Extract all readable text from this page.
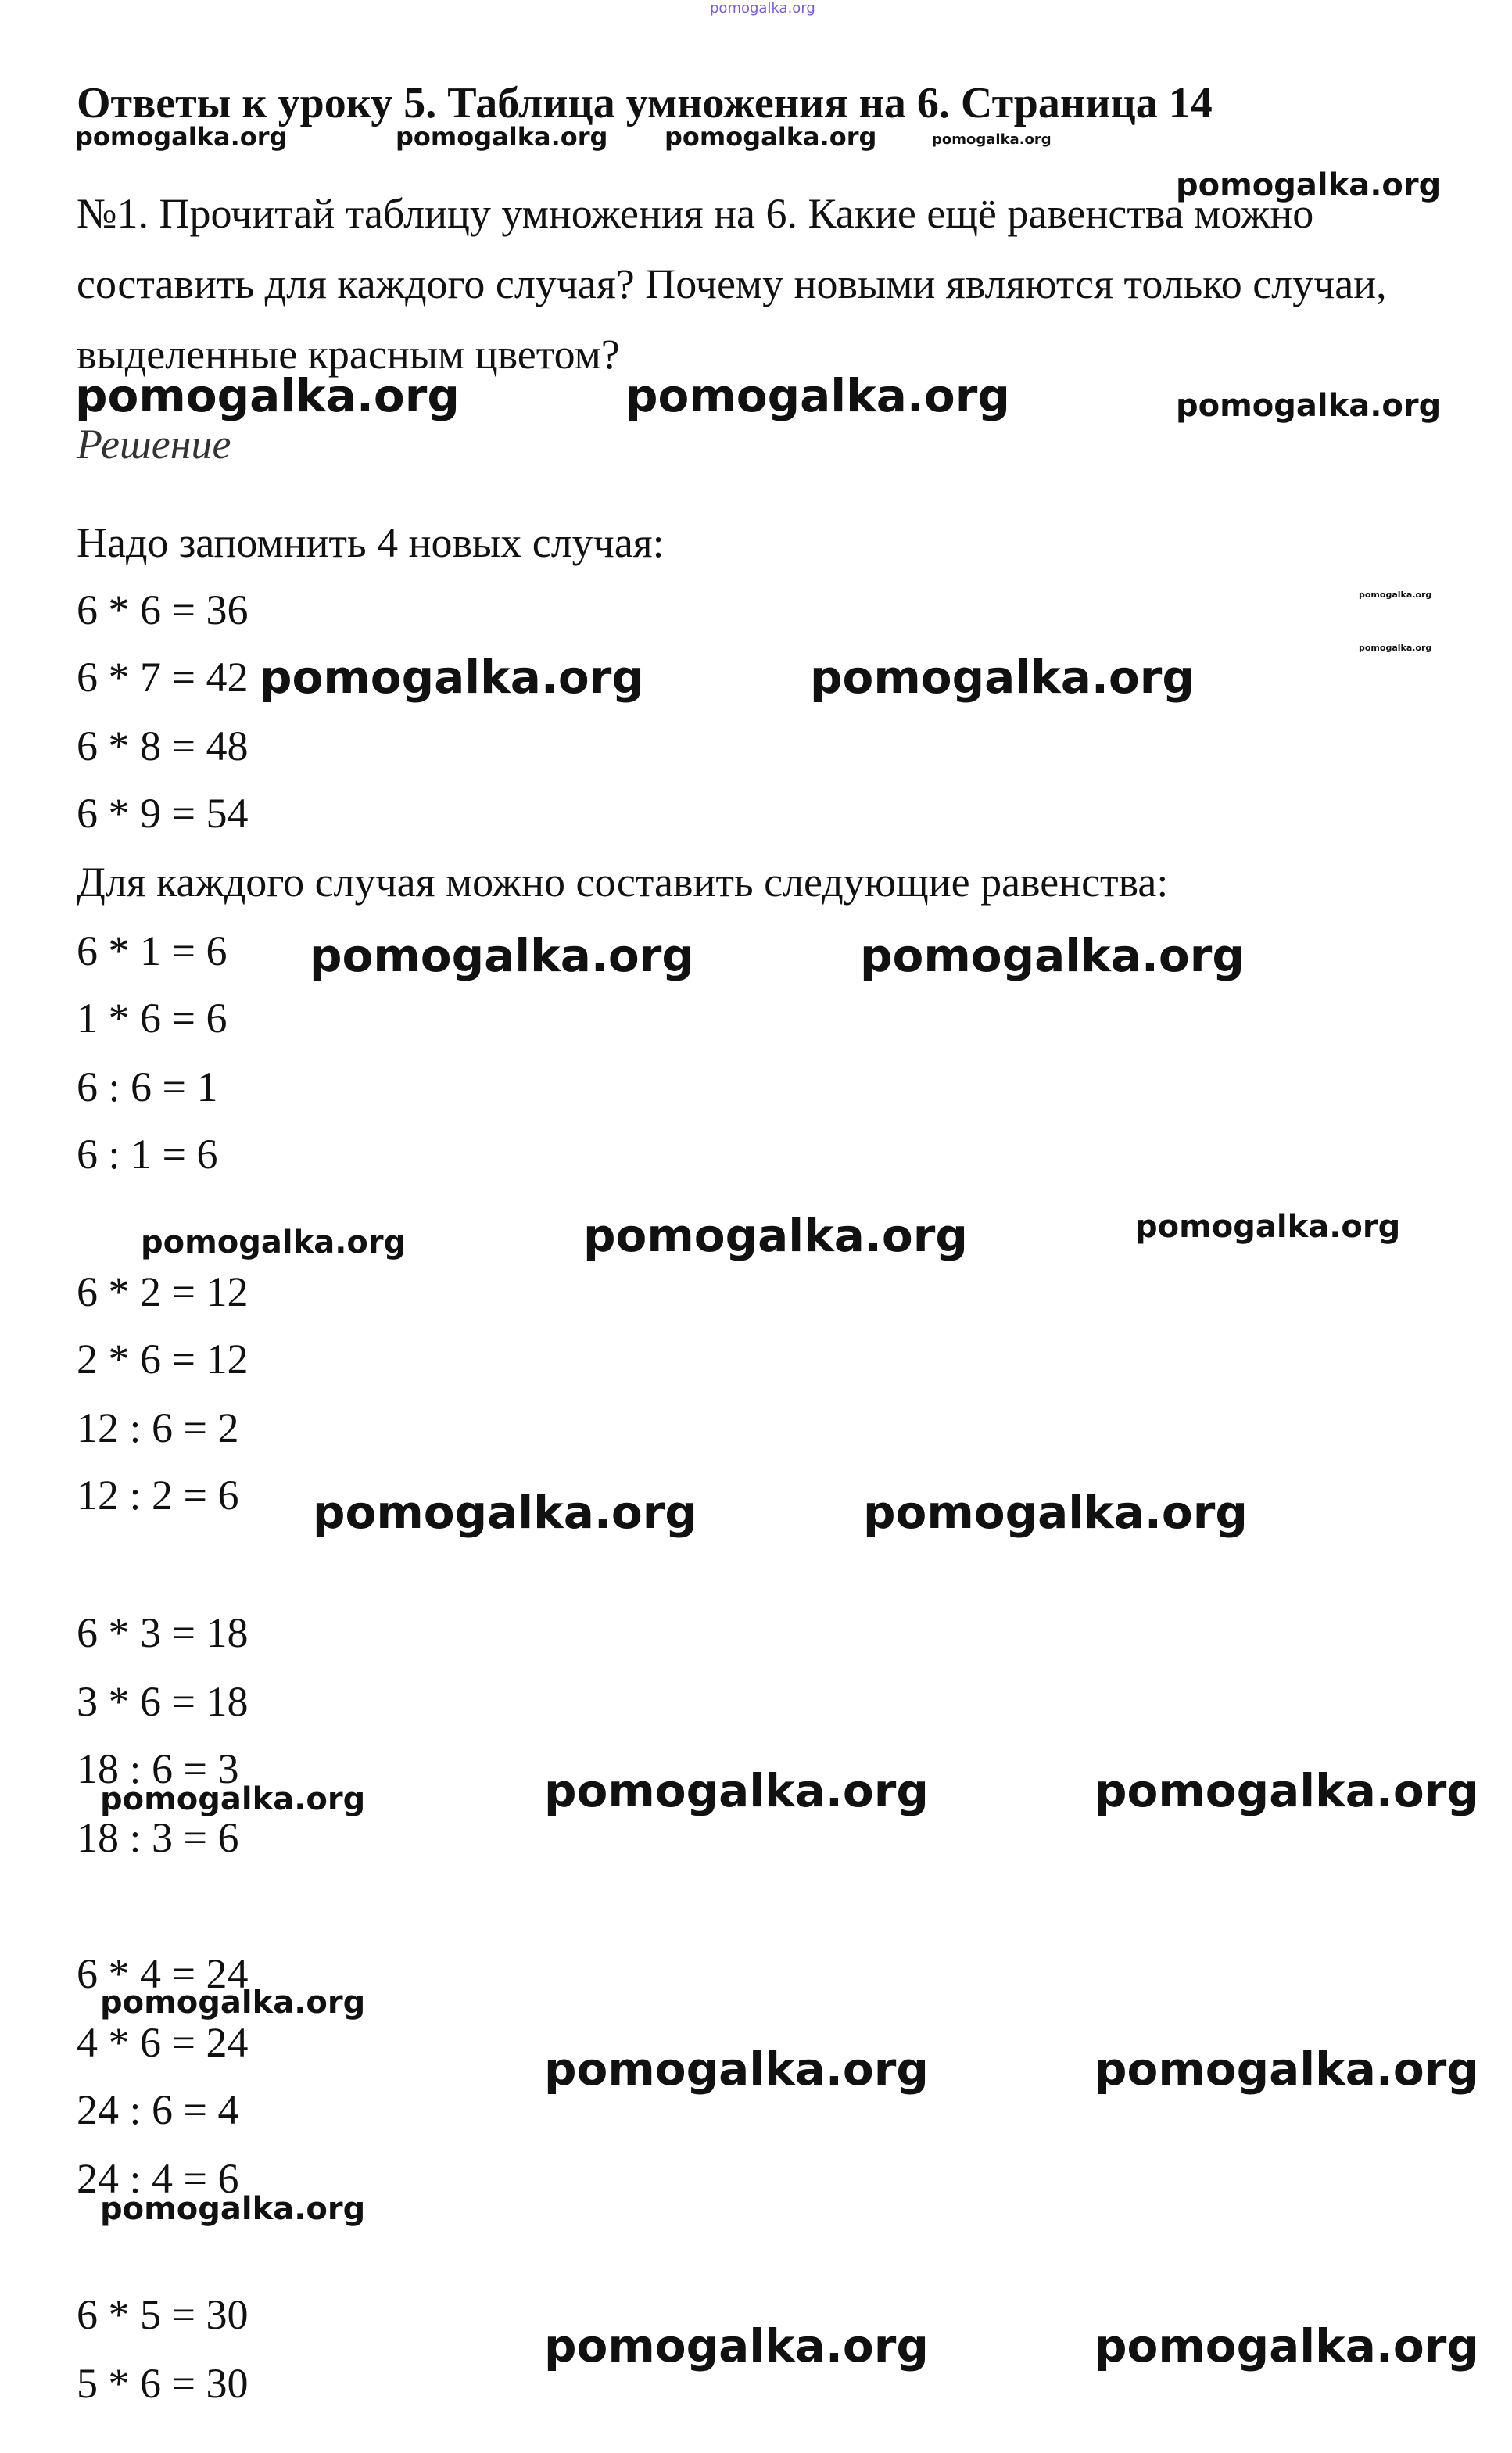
pomogalka.org
Ответы к уроку 5. Таблица умножения на 6. Страница 14
pomogalka.org	pomogalka.org pomogalka.org	pomogalka.org
pomogalka.org
№1. Прочитай таблицу умножения на 6. Какие ещё равенства можно составить для каждого случая? Почему новыми являются только случаи, выделенные красным цветом?
pomogalka.org	pomogalka.org	pomogalka.org
Решение
Надо запомнить 4 новых случая:
6 * 6 = 36
6 * 7 = 42
6 * 8 = 48
6 * 9 = 54
pomogalka.org
pomogalka.org
pomogalka.org	pomogalka.org
Для каждого случая можно составить следующие равенства:
6 * 1 = 6
1 * 6 = 6
6 : 6 = 1
6 : 1 = 6
pomogalka.org	pomogalka.org
pomogalka.org	pomogalka.org	pomogalka.org
6 * 2 = 12
2 * 6 = 12
12 : 6 = 2
12 : 2 = 6 pomogalka.org	pomogalka.org
6 * 3 = 18
3 * 6 = 18
18 : 6 = 3
18 : 3 = 6
pomogalka.org	pomogalka.org	pomogalka.org
6 * 4 = 24
4 * 6 = 24
24 : 6 = 4
24 : 4 = 6
pomogalka.org
pomogalka.org	pomogalka.org
pomogalka.org
6 * 5 = 30
5 * 6 = 30
pomogalka.org	pomogalka.org
